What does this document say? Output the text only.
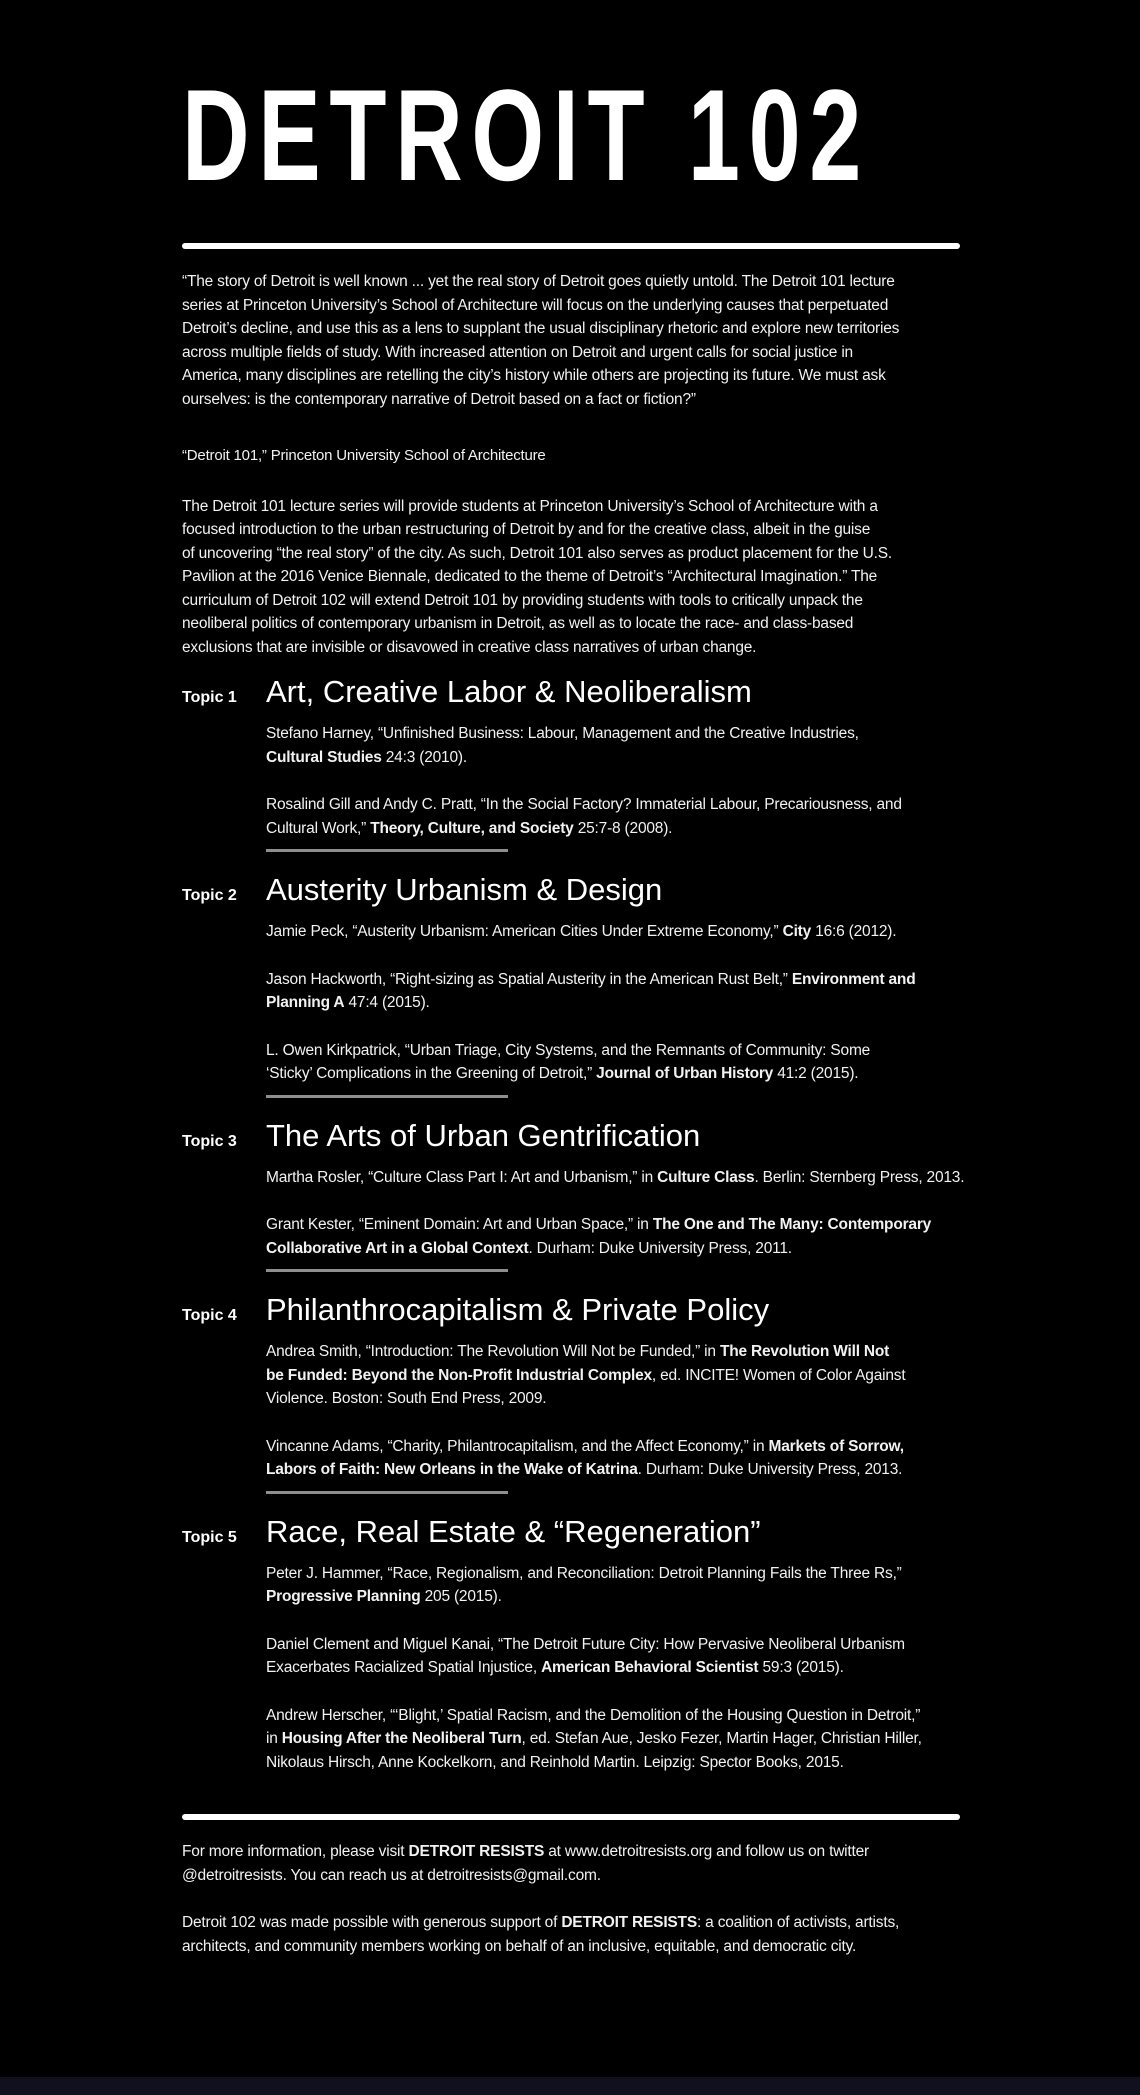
DETROIT 102
“The story of Detroit is well known ... yet the real story of Detroit goes quietly untold. The Detroit 101 lecture
series at Princeton University’s School of Architecture will focus on the underlying causes that perpetuated
Detroit’s decline, and use this as a lens to supplant the usual disciplinary rhetoric and explore new territories
across multiple fields of study. With increased attention on Detroit and urgent calls for social justice in
America, many disciplines are retelling the city’s history while others are projecting its future. We must ask
ourselves: is the contemporary narrative of Detroit based on a fact or fiction?”
“Detroit 101,” Princeton University School of Architecture
The Detroit 101 lecture series will provide students at Princeton University’s School of Architecture with a
focused introduction to the urban restructuring of Detroit by and for the creative class, albeit in the guise
of uncovering “the real story” of the city. As such, Detroit 101 also serves as product placement for the U.S.
Pavilion at the 2016 Venice Biennale, dedicated to the theme of Detroit’s “Architectural Imagination.” The
curriculum of Detroit 102 will extend Detroit 101 by providing students with tools to critically unpack the
neoliberal politics of contemporary urbanism in Detroit, as well as to locate the race- and class-based
exclusions that are invisible or disavowed in creative class narratives of urban change.
Topic 1 Art, Creative Labor & Neoliberalism
Stefano Harney, “Unfinished Business: Labour, Management and the Creative Industries,
Cultural Studies 24:3 (2010).
Rosalind Gill and Andy C. Pratt, “In the Social Factory? Immaterial Labour, Precariousness, and
Cultural Work,” Theory, Culture, and Society 25:7-8 (2008).
Topic 2 Austerity Urbanism & Design
Jamie Peck, “Austerity Urbanism: American Cities Under Extreme Economy,” City 16:6 (2012).
Jason Hackworth, “Right-sizing as Spatial Austerity in the American Rust Belt,” Environment and
Planning A 47:4 (2015).
L. Owen Kirkpatrick, “Urban Triage, City Systems, and the Remnants of Community: Some
‘Sticky’ Complications in the Greening of Detroit,” Journal of Urban History 41:2 (2015).
Topic 3 The Arts of Urban Gentrification
Martha Rosler, “Culture Class Part I: Art and Urbanism,” in Culture Class. Berlin: Sternberg Press, 2013.
Grant Kester, “Eminent Domain: Art and Urban Space,” in The One and The Many: Contemporary
Collaborative Art in a Global Context. Durham: Duke University Press, 2011.
Topic 4 Philanthrocapitalism & Private Policy
Andrea Smith, “Introduction: The Revolution Will Not be Funded,” in The Revolution Will Not
be Funded: Beyond the Non-Profit Industrial Complex, ed. INCITE! Women of Color Against
Violence. Boston: South End Press, 2009.
Vincanne Adams, “Charity, Philantrocapitalism, and the Affect Economy,” in Markets of Sorrow,
Labors of Faith: New Orleans in the Wake of Katrina. Durham: Duke University Press, 2013.
Topic 5 Race, Real Estate & “Regeneration”
Peter J. Hammer, “Race, Regionalism, and Reconciliation: Detroit Planning Fails the Three Rs,”
Progressive Planning 205 (2015).
Daniel Clement and Miguel Kanai, “The Detroit Future City: How Pervasive Neoliberal Urbanism
Exacerbates Racialized Spatial Injustice, American Behavioral Scientist 59:3 (2015).
Andrew Herscher, “‘Blight,’ Spatial Racism, and the Demolition of the Housing Question in Detroit,”
in Housing After the Neoliberal Turn, ed. Stefan Aue, Jesko Fezer, Martin Hager, Christian Hiller,
Nikolaus Hirsch, Anne Kockelkorn, and Reinhold Martin. Leipzig: Spector Books, 2015.
For more information, please visit DETROIT RESISTS at www.detroitresists.org and follow us on twitter
@detroitresists. You can reach us at detroitresists@gmail.com.
Detroit 102 was made possible with generous support of DETROIT RESISTS: a coalition of activists, artists,
architects, and community members working on behalf of an inclusive, equitable, and democratic city.
